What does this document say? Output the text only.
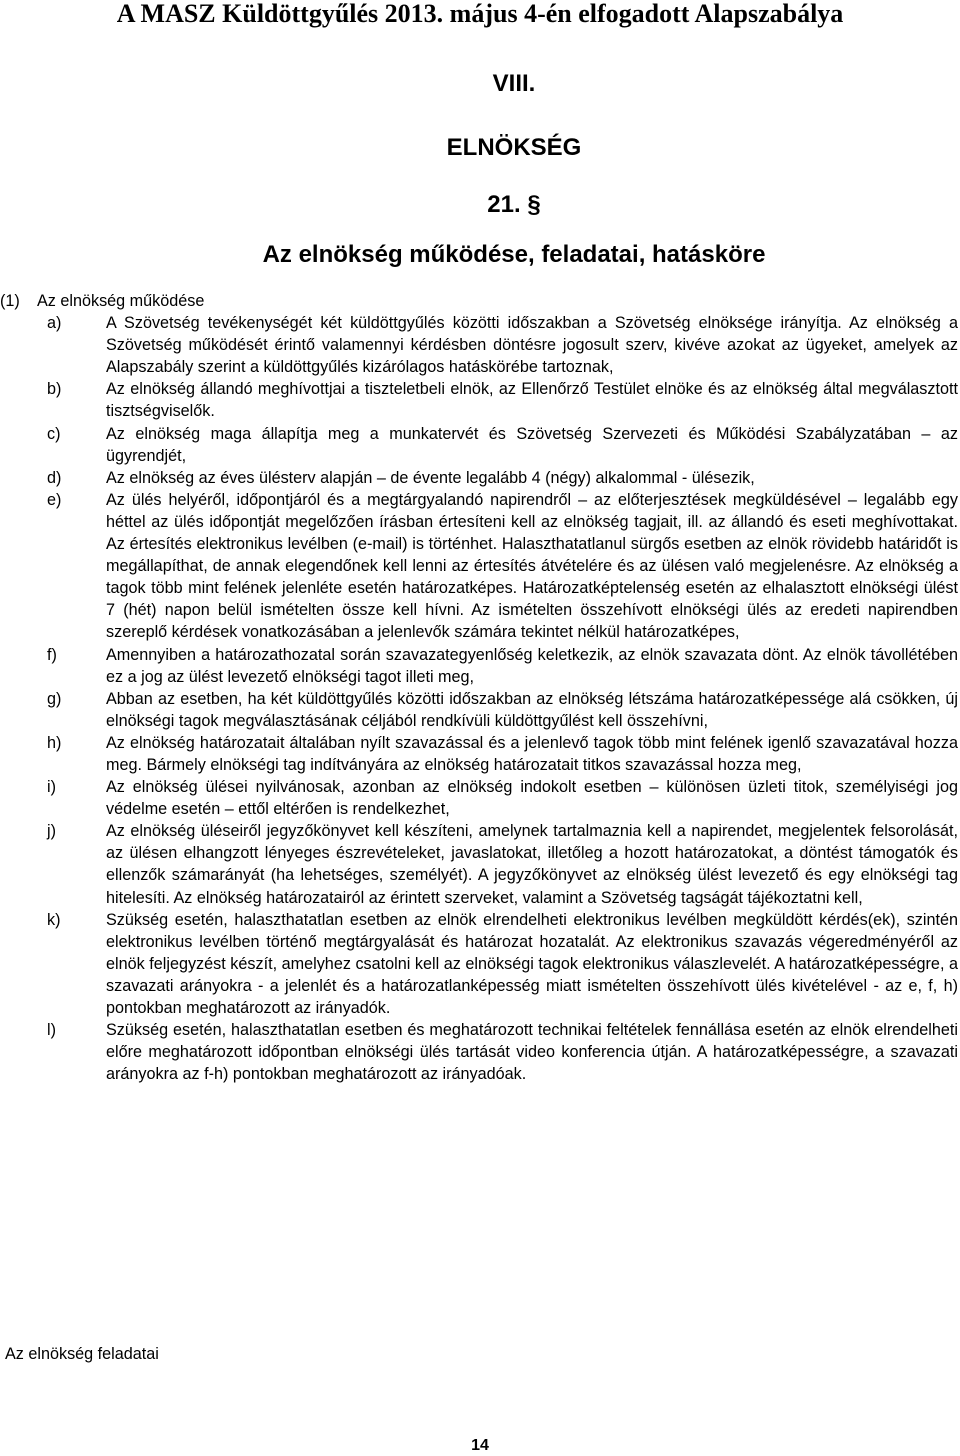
A MASZ Küldöttgyűlés 2013. május 4-én elfogadott Alapszabálya
VIII.
ELNÖKSÉG
21. §
Az elnökség működése, feladatai, hatásköre
(1)	Az elnökség működése
a)	A Szövetség tevékenységét két küldöttgyűlés közötti időszakban a Szövetség elnöksége irányítja. Az elnökség a Szövetség működését érintő valamennyi kérdésben döntésre jogosult szerv, kivéve azokat az ügyeket, amelyek az Alapszabály szerint a küldöttgyűlés kizárólagos hatáskörébe tartoznak,
b)	Az elnökség állandó meghívottjai a tiszteletbeli elnök, az Ellenőrző Testület elnöke és az elnökség által megválasztott tisztségviselők.
c)	Az elnökség maga állapítja meg a munkatervét és Szövetség Szervezeti és Működési Szabályzatában – az ügyrendjét,
d)	Az elnökség az éves ülésterv alapján – de évente legalább 4 (négy) alkalommal - ülésezik,
e)	Az ülés helyéről, időpontjáról és a megtárgyalandó napirendről – az előterjesztések megküldésével – legalább egy héttel az ülés időpontját megelőzően írásban értesíteni kell az elnökség tagjait, ill. az állandó és eseti meghívottakat. Az értesítés elektronikus levélben (e-mail) is történhet. Halaszthatatlanul sürgős esetben az elnök rövidebb határidőt is megállapíthat, de annak elegendőnek kell lenni az értesítés átvételére és az ülésen való megjelenésre. Az elnökség a tagok több mint felének jelenléte esetén határozatképes. Határozatképtelenség esetén az elhalasztott elnökségi ülést 7 (hét) napon belül ismételten össze kell hívni. Az ismételten összehívott elnökségi ülés az eredeti napirendben szereplő kérdések vonatkozásában a jelenlevők számára tekintet nélkül határozatképes,
f)	Amennyiben a határozathozatal során szavazategyenlőség keletkezik, az elnök szavazata dönt. Az elnök távollétében ez a jog az ülést levezető elnökségi tagot illeti meg,
g)	Abban az esetben, ha két küldöttgyűlés közötti időszakban az elnökség létszáma határozatképessége alá csökken, új elnökségi tagok megválasztásának céljából rendkívüli küldöttgyűlést kell összehívni,
h)	Az elnökség határozatait általában nyílt szavazással és a jelenlevő tagok több mint felének igenlő szavazatával hozza meg. Bármely elnökségi tag indítványára az elnökség határozatait titkos szavazással hozza meg,
i)	Az elnökség ülései nyilvánosak, azonban az elnökség indokolt esetben – különösen üzleti titok, személyiségi jog védelme esetén – ettől eltérően is rendelkezhet,
j)	Az elnökség üléseiről jegyzőkönyvet kell készíteni, amelynek tartalmaznia kell a napirendet, megjelentek felsorolását, az ülésen elhangzott lényeges észrevételeket, javaslatokat, illetőleg a hozott határozatokat, a döntést támogatók és ellenzők számarányát (ha lehetséges, személyét). A jegyzőkönyvet az elnökség ülést levezető és egy elnökségi tag hitelesíti. Az elnökség határozatairól az érintett szerveket, valamint a Szövetség tagságát tájékoztatni kell,
k)	Szükség esetén, halaszthatatlan esetben az elnök elrendelheti elektronikus levélben megküldött kérdés(ek), szintén elektronikus levélben történő megtárgyalását és határozat hozatalát. Az elektronikus szavazás végeredményéről az elnök feljegyzést készít, amelyhez csatolni kell az elnökségi tagok elektronikus válaszlevelét. A határozatképességre, a szavazati arányokra - a jelenlét és a határozatlanképesség miatt ismételten összehívott ülés kivételével - az e, f, h) pontokban meghatározott az irányadók.
l)	Szükség esetén, halaszthatatlan esetben és meghatározott technikai feltételek fennállása esetén az elnök elrendelheti előre meghatározott időpontban elnökségi ülés tartását video konferencia útján. A határozatképességre, a szavazati arányokra az f-h) pontokban meghatározott az irányadóak.
Az elnökség feladatai
14
